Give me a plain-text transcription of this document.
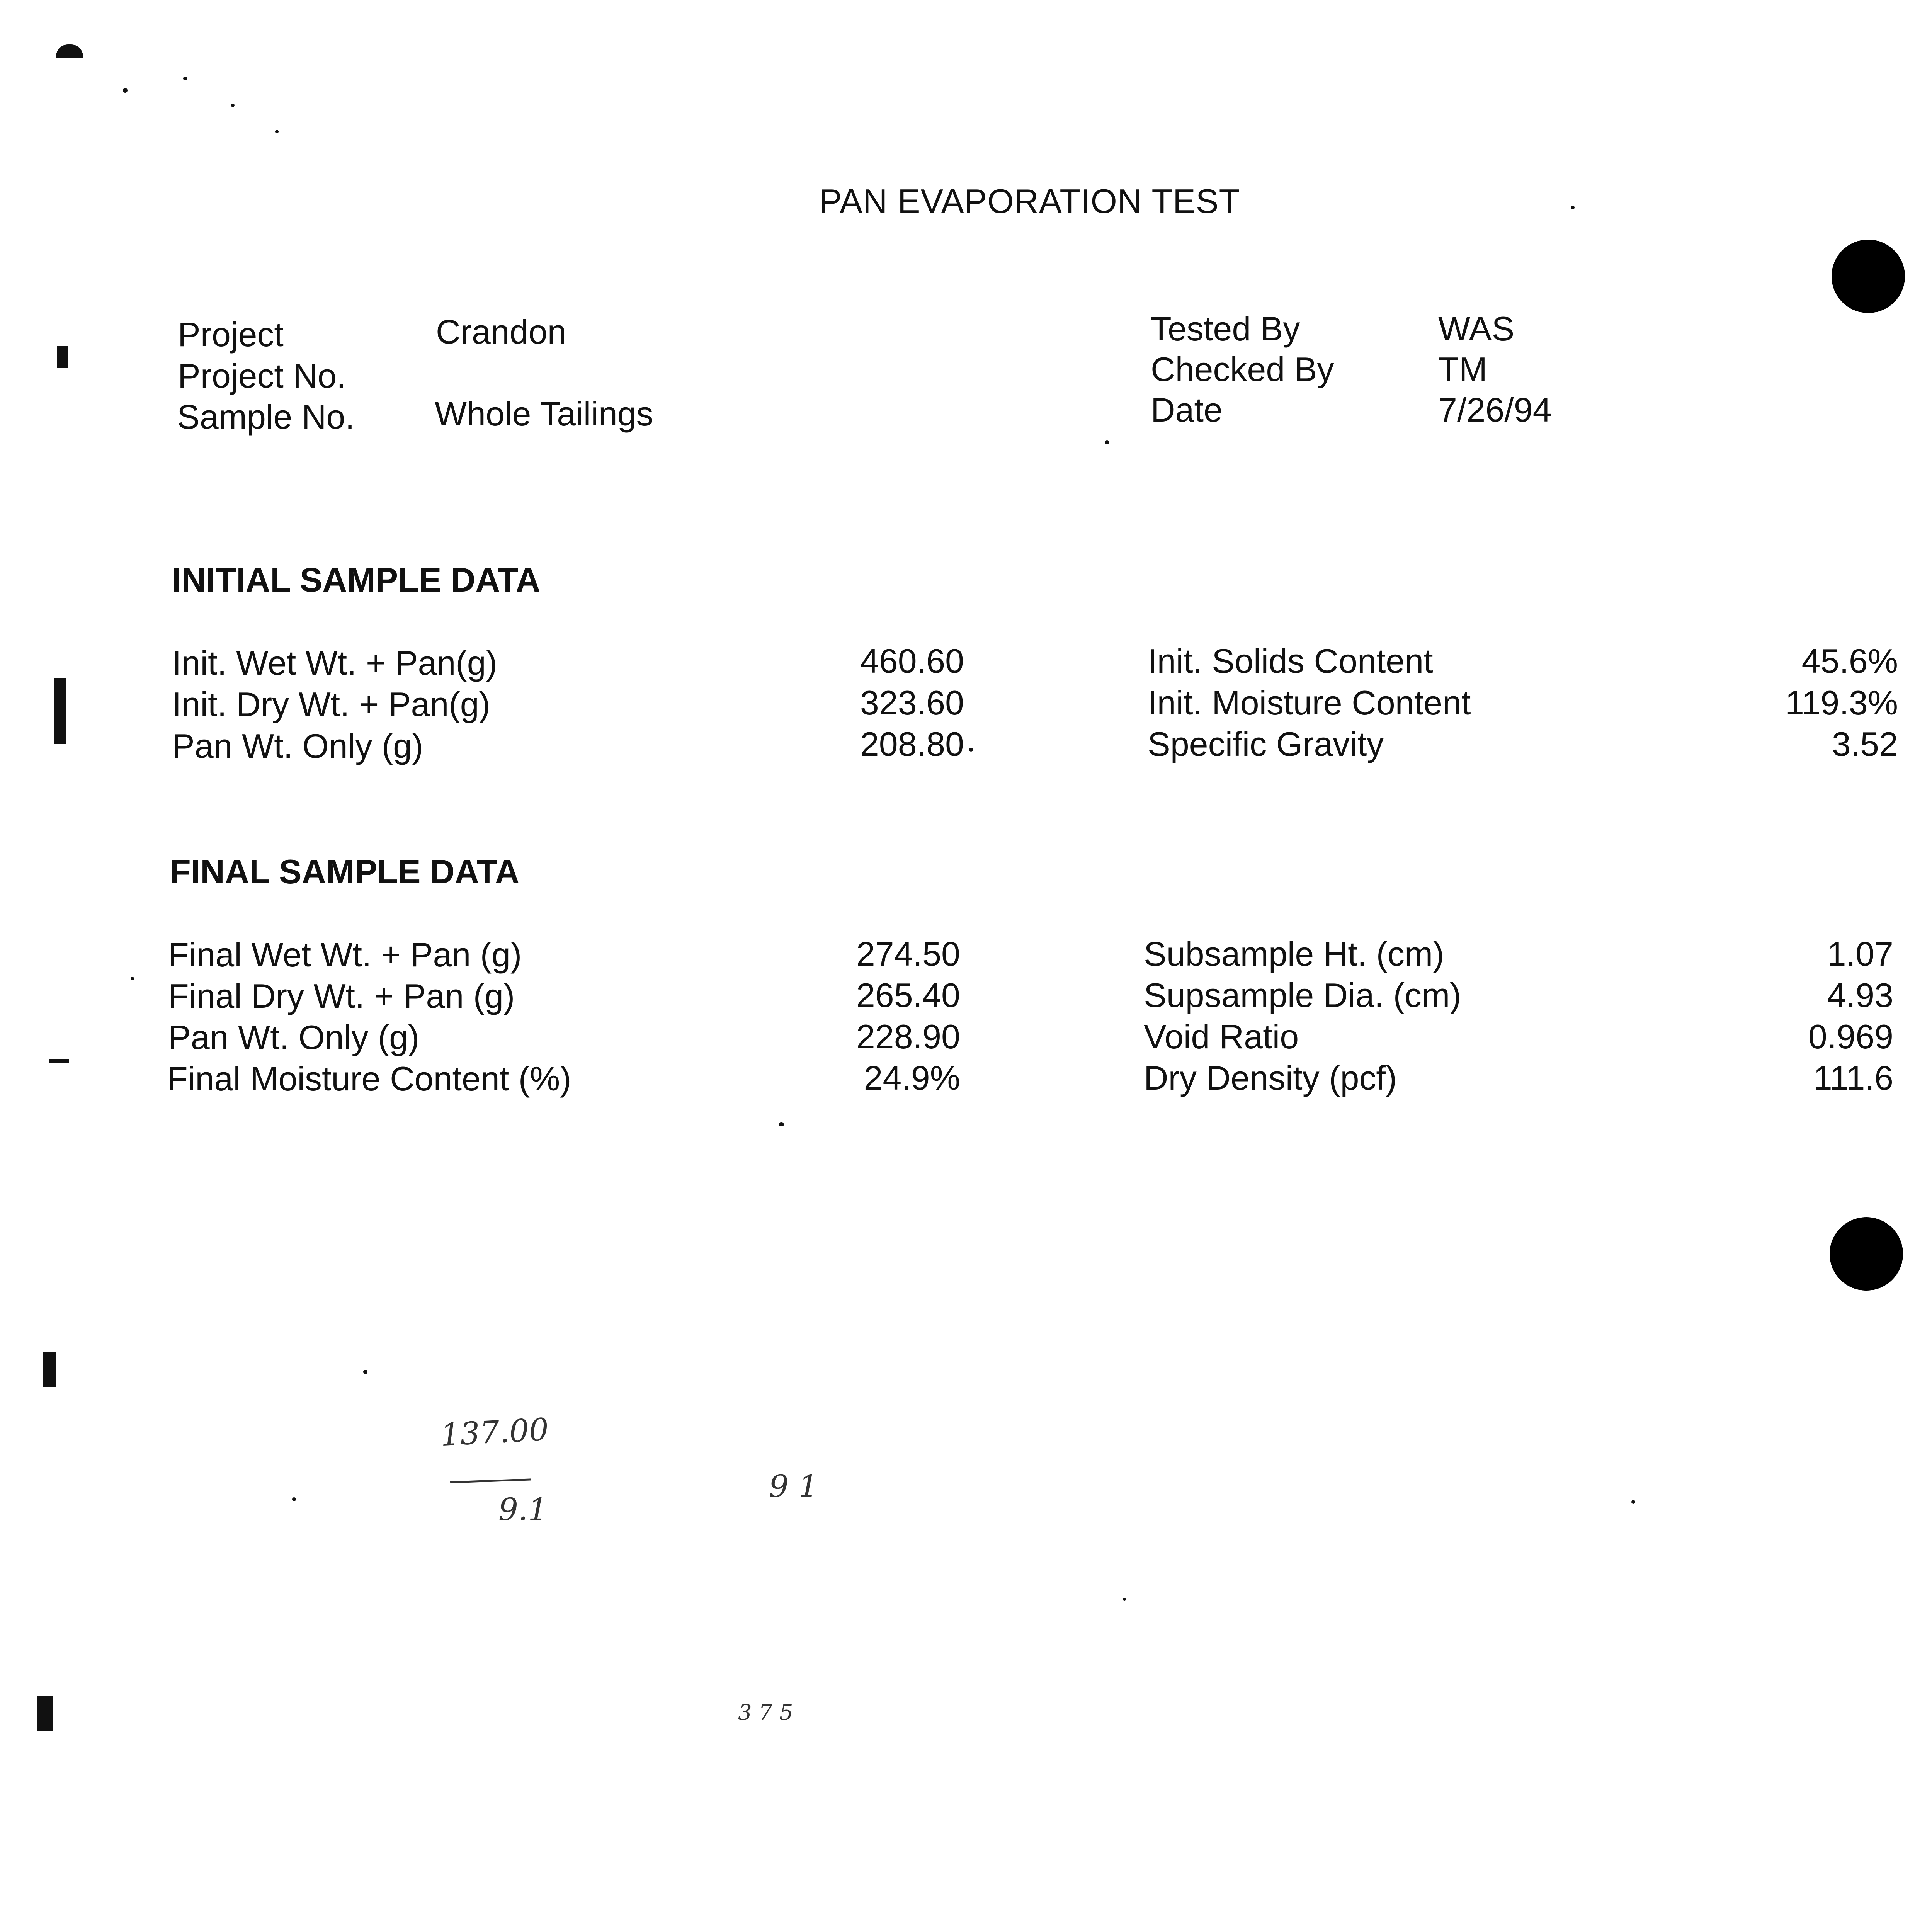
PAN EVAPORATION TEST
Project	Crandon
Project No.
Sample No. Whole Tailings
Tested By	WAS
Checked By	TM
Date	7/26/94
INITIAL SAMPLE DATA
Init. Wet Wt. + Pan(g)	460.60	Init. Solids Content	45.6%
Init. Dry Wt. + Pan(g)	323.60	Init. Moisture Content	119.3%
Pan Wt. Only (g)	208.80	Specific Gravity	3.52
FINAL SAMPLE DATA
Final Wet Wt. + Pan (g)	274.50	Subsample Ht. (cm)	1.07
Final Dry Wt. + Pan (g)	265.40	Supsample Dia. (cm)	4.93
Pan Wt. Only (g)	228.90	Void Ratio	0.969
Final Moisture Content (%)	24.9%	Dry Density (pcf)	111.6
137.00
9.1
9 1
3 7 5
